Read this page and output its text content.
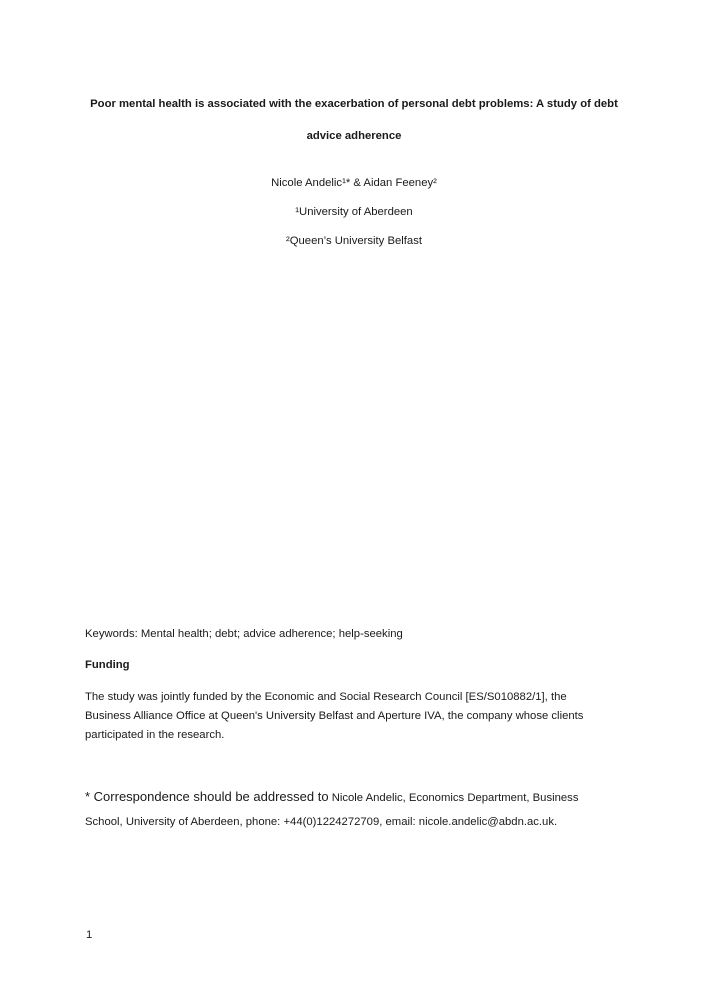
Poor mental health is associated with the exacerbation of personal debt problems: A study of debt

advice adherence

Nicole Andelic¹* & Aidan Feeney²

¹University of Aberdeen

²Queen’s University Belfast

Keywords: Mental health; debt; advice adherence; help-seeking

Funding

The study was jointly funded by the Economic and Social Research Council [ES/S010882/1], the
Business Alliance Office at Queen's University Belfast and Aperture IVA, the company whose clients
participated in the research.
* Correspondence should be addressed to Nicole Andelic, Economics Department, Business
School, University of Aberdeen, phone: +44(0)1224272709, email: nicole.andelic@abdn.ac.uk.

1
